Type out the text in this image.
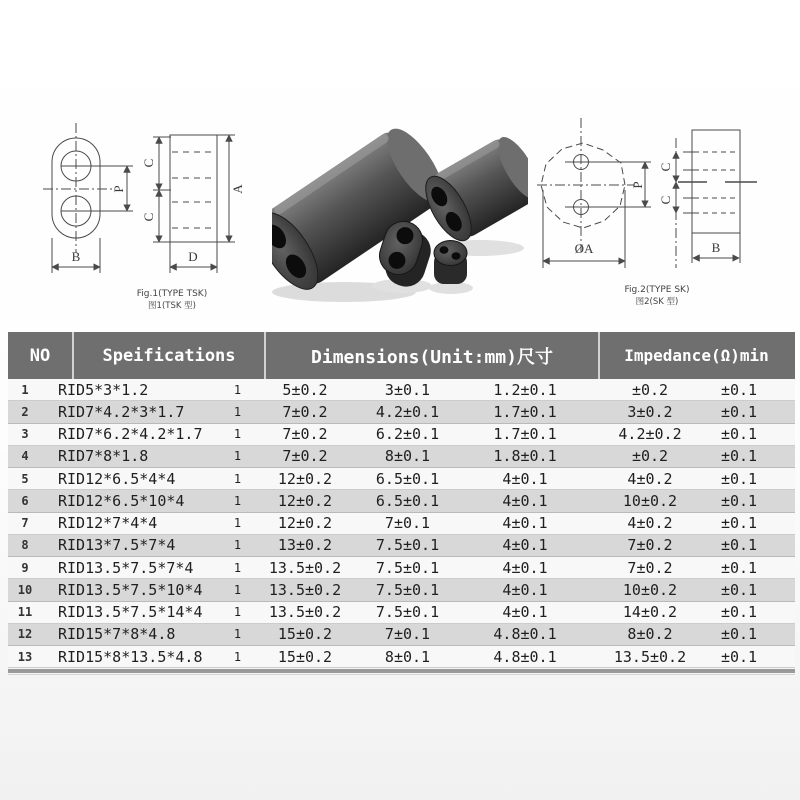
P
B
C
C
A
D
Fig.1(TYPE TSK)
图1(TSK 型)
P
ØA
C
C
B
Fig.2(TYPE SK)
图2(SK 型)
NO	Speifications	Dimensions(Unit:mm)尺寸	Impedance(Ω)min
1	RID5*3*1.2	1	5±0.2	3±0.1	1.2±0.1	±0.2	±0.1
2	RID7*4.2*3*1.7	1	7±0.2	4.2±0.1	1.7±0.1	3±0.2	±0.1
3	RID7*6.2*4.2*1.7	1	7±0.2	6.2±0.1	1.7±0.1	4.2±0.2	±0.1
4	RID7*8*1.8	1	7±0.2	8±0.1	1.8±0.1	±0.2	±0.1
5	RID12*6.5*4*4	1	12±0.2	6.5±0.1	4±0.1	4±0.2	±0.1
6	RID12*6.5*10*4	1	12±0.2	6.5±0.1	4±0.1	10±0.2	±0.1
7	RID12*7*4*4	1	12±0.2	7±0.1	4±0.1	4±0.2	±0.1
8	RID13*7.5*7*4	1	13±0.2	7.5±0.1	4±0.1	7±0.2	±0.1
9	RID13.5*7.5*7*4	1	13.5±0.2	7.5±0.1	4±0.1	7±0.2	±0.1
10	RID13.5*7.5*10*4	1	13.5±0.2	7.5±0.1	4±0.1	10±0.2	±0.1
11	RID13.5*7.5*14*4	1	13.5±0.2	7.5±0.1	4±0.1	14±0.2	±0.1
12	RID15*7*8*4.8	1	15±0.2	7±0.1	4.8±0.1	8±0.2	±0.1
13	RID15*8*13.5*4.8	1	15±0.2	8±0.1	4.8±0.1	13.5±0.2	±0.1
